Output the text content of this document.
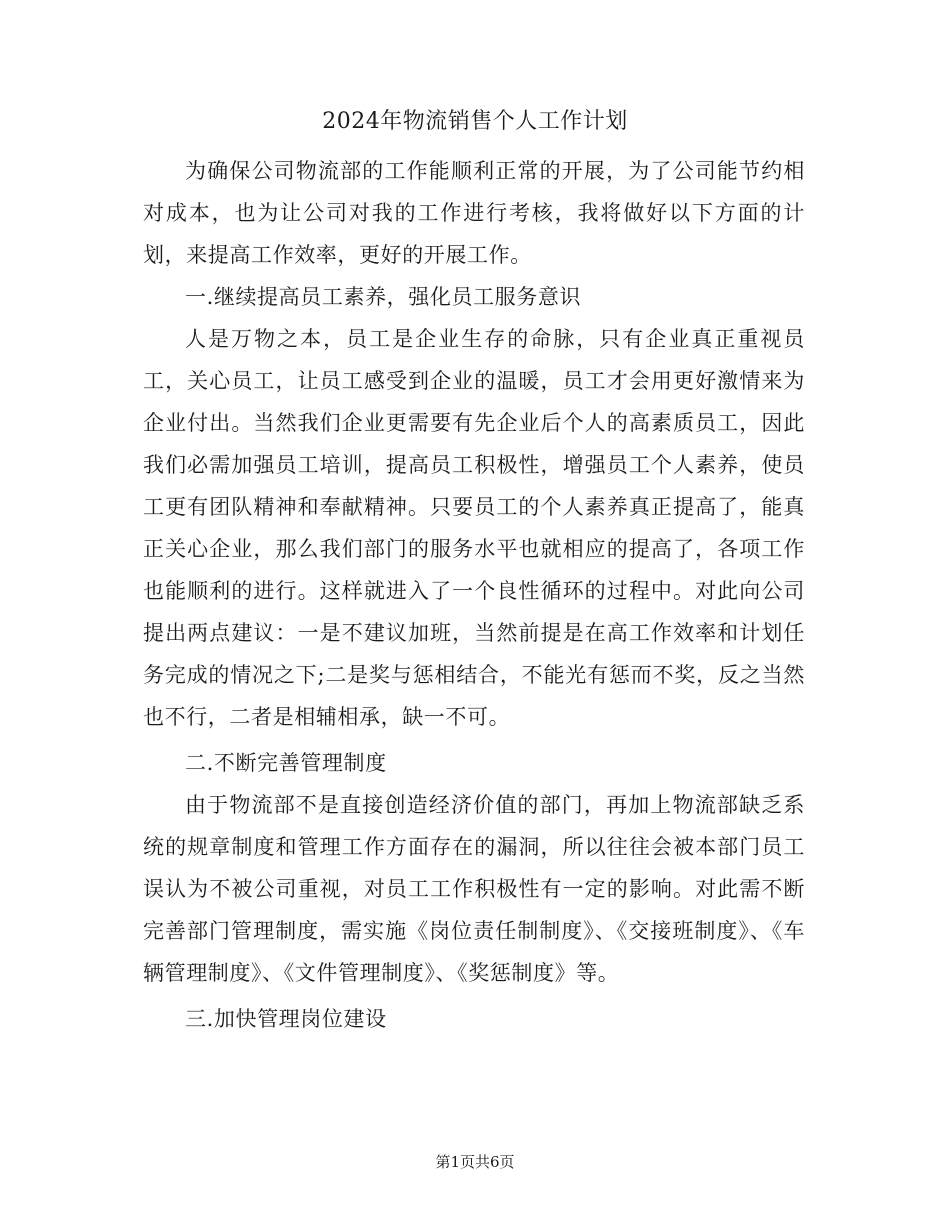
2024年物流销售个人工作计划

为确保公司物流部的工作能顺利正常的开展，为了公司能节约相对成本，也为让公司对我的工作进行考核，我将做好以下方面的计划，来提高工作效率，更好的开展工作。

一.继续提高员工素养，强化员工服务意识

人是万物之本，员工是企业生存的命脉，只有企业真正重视员工，关心员工，让员工感受到企业的温暖，员工才会用更好激情来为企业付出。当然我们企业更需要有先企业后个人的高素质员工，因此我们必需加强员工培训，提高员工积极性，增强员工个人素养，使员工更有团队精神和奉献精神。只要员工的个人素养真正提高了，能真正关心企业，那么我们部门的服务水平也就相应的提高了，各项工作也能顺利的进行。这样就进入了一个良性循环的过程中。对此向公司提出两点建议：一是不建议加班，当然前提是在高工作效率和计划任务完成的情况之下;二是奖与惩相结合，不能光有惩而不奖，反之当然也不行，二者是相辅相承，缺一不可。

二.不断完善管理制度

由于物流部不是直接创造经济价值的部门，再加上物流部缺乏系统的规章制度和管理工作方面存在的漏洞，所以往往会被本部门员工误认为不被公司重视，对员工工作积极性有一定的影响。对此需不断完善部门管理制度，需实施《岗位责任制制度》、《交接班制度》、《车辆管理制度》、《文件管理制度》、《奖惩制度》等。

三.加快管理岗位建设

第1页共6页
